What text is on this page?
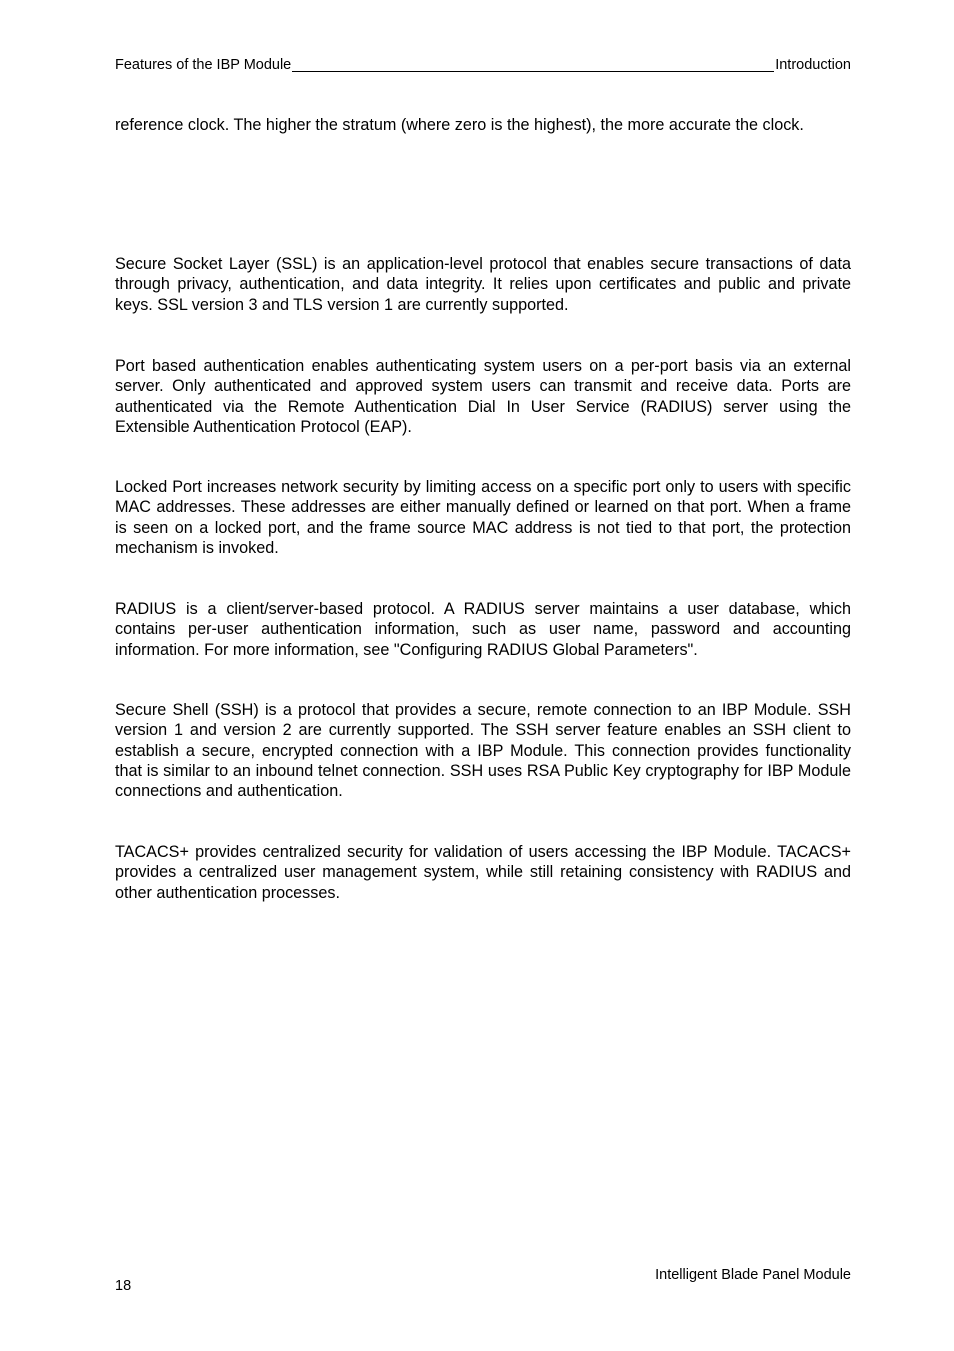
Features of the IBP Module	Introduction

reference clock. The higher the stratum (where zero is the highest), the more accurate the clock.

Secure Socket Layer (SSL) is an application-level protocol that enables secure transactions of data through privacy, authentication, and data integrity. It relies upon certificates and public and private keys. SSL version 3 and TLS version 1 are currently supported.

Port based authentication enables authenticating system users on a per-port basis via an external server. Only authenticated and approved system users can transmit and receive data. Ports are authenticated via the Remote Authentication Dial In User Service (RADIUS) server using the Extensible Authentication Protocol (EAP).

Locked Port increases network security by limiting access on a specific port only to users with specific MAC addresses. These addresses are either manually defined or learned on that port. When a frame is seen on a locked port, and the frame source MAC address is not tied to that port, the protection mechanism is invoked.

RADIUS is a client/server-based protocol. A RADIUS server maintains a user database, which contains per-user authentication information, such as user name, password and accounting information. For more information, see "Configuring RADIUS Global Parameters".

Secure Shell (SSH) is a protocol that provides a secure, remote connection to an IBP Module. SSH version 1 and version 2 are currently supported. The SSH server feature enables an SSH client to establish a secure, encrypted connection with a IBP Module. This connection provides functionality that is similar to an inbound telnet connection. SSH uses RSA Public Key cryptography for IBP Module connections and authentication.

TACACS+ provides centralized security for validation of users accessing the IBP Module. TACACS+ provides a centralized user management system, while still retaining consistency with RADIUS and other authentication processes.

Intelligent Blade Panel Module
18
